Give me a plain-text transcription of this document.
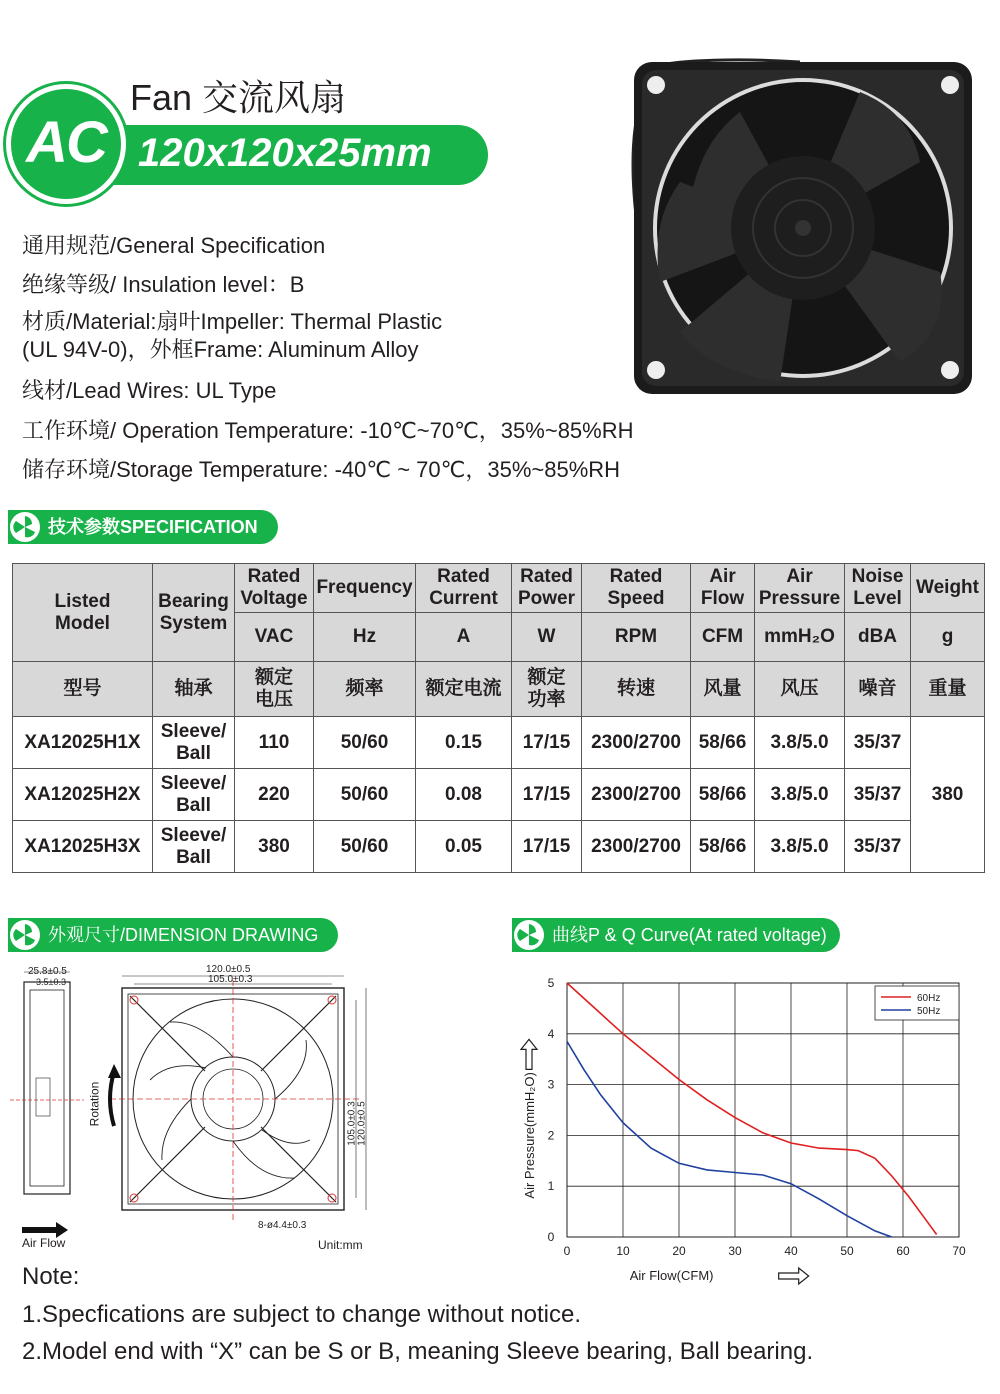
120x120x25mm
AC
Fan 交流风扇
通用规范/General Specification
绝缘等级/ Insulation level：B
材质/Material:扇叶Impeller: Thermal Plastic
(UL 94V-0)，外框Frame: Aluminum Alloy
线材/Lead Wires: UL Type
工作环境/ Operation Temperature: -10℃~70℃，35%~85%RH
储存环境/Storage Temperature: -40℃ ~ 70℃，35%~85%RH
技术参数SPECIFICATION
Listed Model	Bearing System	Rated Voltage	Frequency	Rated Current	Rated Power	Rated Speed	Air Flow	Air Pressure	Noise Level	Weight
		VAC	Hz	A	W	RPM	CFM	mmH₂O	dBA	g
型号	轴承	额定电压	频率	额定电流	额定功率	转速	风量	风压	噪音	重量
XA12025H1X	Sleeve/ Ball	110	50/60	0.15	17/15	2300/2700	58/66	3.8/5.0	35/37	380
XA12025H2X	Sleeve/ Ball	220	50/60	0.08	17/15	2300/2700	58/66	3.8/5.0	35/37	
XA12025H3X	Sleeve/ Ball	380	50/60	0.05	17/15	2300/2700	58/66	3.8/5.0	35/37	
外观尺寸/DIMENSION DRAWING
25.8±0.5
3.5±0.3
120.0±0.5
105.0±0.3
105.0±0.3 120.0±0.5
8-ø4.4±0.3
Rotation
Air Flow	Unit:mm
曲线P & Q Curve(At rated voltage)
0	10	20	30	40	50	60	70
0
1
2
3
4
5
60Hz
50Hz
Air Flow(CFM)
Air Pressure(mmH₂O)
Note:
1.Specfications are subject to change without notice.
2.Model end with “X” can be S or B, meaning Sleeve bearing, Ball bearing.
